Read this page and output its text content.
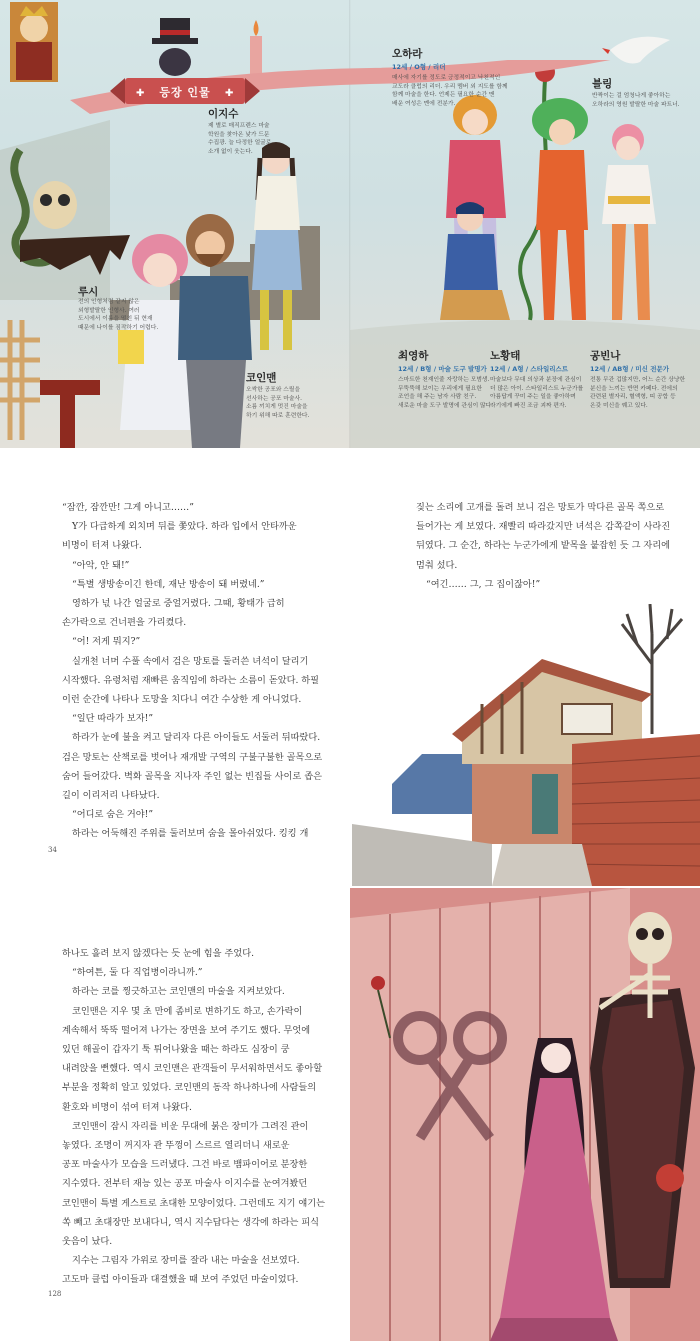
✚	✚
등장 인물
이지수
제 별로 매직프렌스 마술
학원을 찾아온 낯가 드문
수집광. 늘 다정한 얼굴로
소개 없이 웃는다.
루시
전의 인형처럼 같지 않은
외형발랄한 인형사. 여러
도시에서 이름을 떨친 뒤 현재
때문에 나이를 짐작하기 어렵다.
코인맨
오싹한 공포와 스릴을
선사하는 공포 마술사.
소름 끼치게 멋진 마술을
하기 위해 따로 훈련한다.
오하라
12세 / O형 / 리더
매사에 자기를 정도로 긍정적이고 낙천적인
교도라 클럽의 리더. 우리 멤버 외 지도를 함께
함께 마술을 한다. 언제든 필요한 순간 맨
배운 여성은 멘에 전분가.
블링
반짝이는 걸 엄청나게 좋아하는
오하라의 영원 발랄한 마술 파트너.
최영하
12세 / B형 / 마술 도구 발명가
스마트한 천재인줄 자랑하는 모범생.
무뚝뚝해 보이는 우리에게 필요한
조언을 해 주는 남자 사람 친구.
새로운 마술 도구 발명에 관심이 많다.
노황태
12세 / A형 / 스타일리스트
마술보다 무대 의상과 분장에 관심이
더 많은 아이. 스타일리스트 누군가를
아름답게 꾸미 주는 일을 좋아하며
자기에게 빠진 조금 괴짜 편자.
공빈나
12세 / AB형 / 미신 전문가
전통 무관 겁많지만, 어느 순간 상냥한
분신을 느끼는 반면 카페다. 전에의
관련된 별자리, 혈액형, 띠 공합 등
온갖 미신을 꿰고 있다.

“잠깐, 잠깐만! 그게 아니고……”

Y가 다급하게 외치며 뒤를 쫓았다. 하라 입에서 안타까운

비명이 터져 나왔다.

“아악, 안 돼!”

“특별 생방송이긴 한데, 재난 방송이 돼 버렸네.”

영하가 넋 나간 얼굴로 중얼거렸다. 그때, 황태가 급히

손가락으로 건너편을 가리켰다.

“어! 저게 뭐지?”

실개천 너머 수풀 속에서 검은 망토를 둘러쓴 녀석이 달리기

시작했다. 유령처럼 재빠른 움직임에 하라는 소름이 돋았다. 하필

이런 순간에 나타나 도망을 치다니 여간 수상한 게 아니었다.

“일단 따라가 보자!”

하라가 눈에 불을 켜고 달리자 다른 아이들도 서둘러 뒤따랐다.

검은 망토는 산책로를 벗어나 재개발 구역의 구불구불한 골목으로

숨어 들어갔다. 벽화 골목을 지나자 주인 없는 빈집들 사이로 좁은

길이 이리저리 나타났다.

“어디로 숨은 거야!”

하라는 어둑해진 주위를 둘러보며 숨을 몰아쉬었다. 킹킹 개

34

짖는 소리에 고개를 돌려 보니 검은 망토가 막다른 골목 쪽으로

들어가는 게 보였다. 재빨리 따라갔지만 녀석은 감쪽같이 사라진

뒤였다. 그 순간, 하라는 누군가에게 밭목을 붙잡힌 듯 그 자리에

멈춰 섰다.

“여긴…… 그, 그 집이잖아!”

하나도 흘려 보지 않겠다는 듯 눈에 힘을 주었다.

“하여튼, 둘 다 직업병이라니까.”

하라는 코를 찡긋하고는 코인맨의 마술을 지켜보았다.

코인맨은 지우 몇 초 만에 좀비로 변하기도 하고, 손가락이

계속해서 뚝뚝 떨어져 나가는 장면을 보여 주기도 했다. 무엇에

있던 해골이 갑자기 툭 튀어나왔을 때는 하라도 심장이 쿵

내려앉을 뻔했다. 역시 코인맨은 관객들이 무서워하면서도 좋아할

부분을 정확히 알고 있었다. 코인맨의 동작 하나하나에 사람들의

환호와 비명이 섞여 터져 나왔다.

코인맨이 잠시 자리를 비운 무대에 붉은 장미가 그려진 관이

놓였다. 조명이 꺼지자 관 뚜껑이 스르르 열리더니 새로운

공포 마술사가 모습을 드러냈다. 그건 바로 뱀파이어로 분장한

지수였다. 전부터 재능 있는 공포 마술사 이지수를 눈여겨봤던

코인맨이 특별 게스트로 초대한 모양이었다. 그런데도 지기 얘기는

쏙 빼고 초대장만 보내다니, 역시 지수답다는 생각에 하라는 피식

웃음이 났다.

지수는 그림자 가위로 장미를 잘라 내는 마술을 선보였다.

고도마 클럽 아이들과 대결했을 때 보여 주었던 마술이었다.

128
